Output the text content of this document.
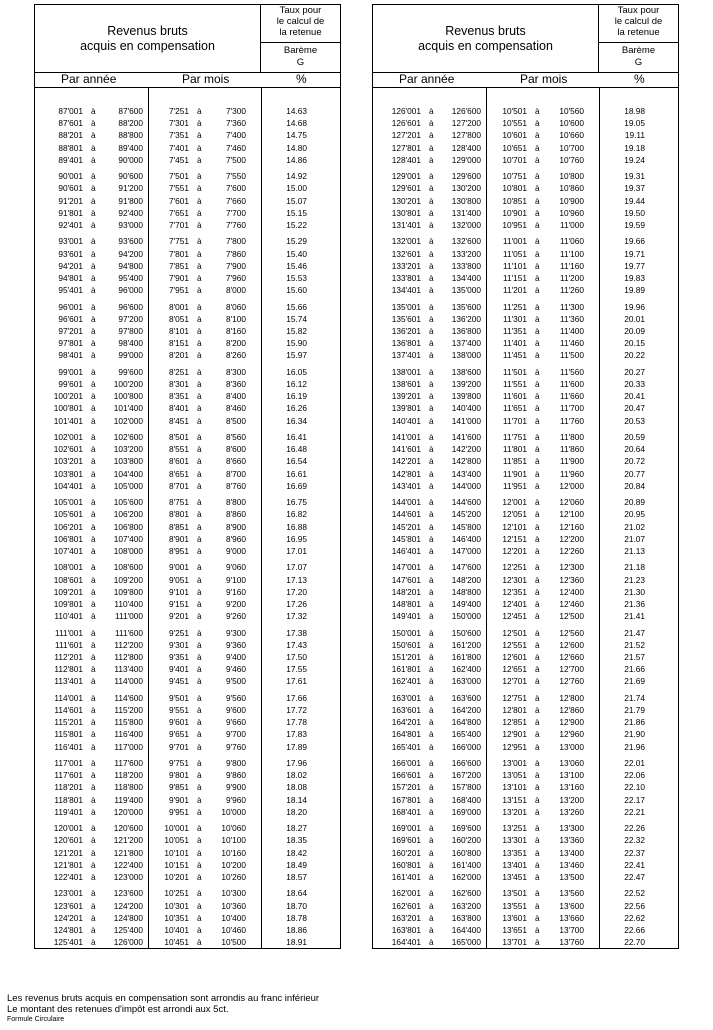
Revenus bruts
acquis en compensation
Taux pour
le calcul de
la retenue
Barème
G
Par année	Par mois	%
87'001 à	87'600	7'251 à	7'300	14.63
87'601 à	88'200	7'301 à	7'360	14.68
88'201 à	88'800	7'351 à	7'400	14.75
88'801 à	89'400	7'401 à	7'460	14.80
89'401 à	90'000	7'451 à	7'500	14.86
90'001 à	90'600	7'501 à	7'550	14.92
90'601 à	91'200	7'551 à	7'600	15.00
91'201 à	91'800	7'601 à	7'660	15.07
91'801 à	92'400	7'651 à	7'700	15.15
92'401 à	93'000	7'701 à	7'760	15.22
93'001 à	93'600	7'751 à	7'800	15.29
93'601 à	94'200	7'801 à	7'860	15.40
94'201 à	94'800	7'851 à	7'900	15.46
94'801 à	95'400	7'901 à	7'960	15.53
95'401 à	96'000	7'951 à	8'000	15.60
96'001 à	96'600	8'001 à	8'060	15.66
96'601 à	97'200	8'051 à	8'100	15.74
97'201 à	97'800	8'101 à	8'160	15.82
97'801 à	98'400	8'151 à	8'200	15.90
98'401 à	99'000	8'201 à	8'260	15.97
99'001 à	99'600	8'251 à	8'300	16.05
99'601 à	100'200	8'301 à	8'360	16.12
100'201 à	100'800	8'351 à	8'400	16.19
100'801 à	101'400	8'401 à	8'460	16.26
101'401 à	102'000	8'451 à	8'500	16.34
102'001 à	102'600	8'501 à	8'560	16.41
102'601 à	103'200	8'551 à	8'600	16.48
103'201 à	103'800	8'601 à	8'660	16.54
103'801 à	104'400	8'651 à	8'700	16.61
104'401 à	105'000	8'701 à	8'760	16.69
105'001 à	105'600	8'751 à	8'800	16.75
105'601 à	106'200	8'801 à	8'860	16.82
106'201 à	106'800	8'851 à	8'900	16.88
106'801 à	107'400	8'901 à	8'960	16.95
107'401 à	108'000	8'951 à	9'000	17.01
108'001 à	108'600	9'001 à	9'060	17.07
108'601 à	109'200	9'051 à	9'100	17.13
109'201 à	109'800	9'101 à	9'160	17.20
109'801 à	110'400	9'151 à	9'200	17.26
110'401 à	111'000	9'201 à	9'260	17.32
111'001 à	111'600	9'251 à	9'300	17.38
111'601 à	112'200	9'301 à	9'360	17.43
112'201 à	112'800	9'351 à	9'400	17.50
112'801 à	113'400	9'401 à	9'460	17.55
113'401 à	114'000	9'451 à	9'500	17.61
114'001 à	114'600	9'501 à	9'560	17.66
114'601 à	115'200	9'551 à	9'600	17.72
115'201 à	115'800	9'601 à	9'660	17.78
115'801 à	116'400	9'651 à	9'700	17.83
116'401 à	117'000	9'701 à	9'760	17.89
117'001 à	117'600	9'751 à	9'800	17.96
117'601 à	118'200	9'801 à	9'860	18.02
118'201 à	118'800	9'851 à	9'900	18.08
118'801 à	119'400	9'901 à	9'960	18.14
119'401 à	120'000	9'951 à	10'000	18.20
120'001 à	120'600	10'001 à	10'060	18.27
120'601 à	121'200	10'051 à	10'100	18.35
121'201 à	121'800	10'101 à	10'160	18.42
121'801 à	122'400	10'151 à	10'200	18.49
122'401 à	123'000	10'201 à	10'260	18.57
123'001 à	123'600	10'251 à	10'300	18.64
123'601 à	124'200	10'301 à	10'360	18.70
124'201 à	124'800	10'351 à	10'400	18.78
124'801 à	125'400	10'401 à	10'460	18.86
125'401 à	126'000	10'451 à	10'500	18.91
Revenus bruts
acquis en compensation
Taux pour
le calcul de
la retenue
Barème
G
Par année	Par mois	%
126'001 à	126'600	10'501 à	10'560	18.98
126'601 à	127'200	10'551 à	10'600	19.05
127'201 à	127'800	10'601 à	10'660	19.11
127'801 à	128'400	10'651 à	10'700	19.18
128'401 à	129'000	10'701 à	10'760	19.24
129'001 à	129'600	10'751 à	10'800	19.31
129'601 à	130'200	10'801 à	10'860	19.37
130'201 à	130'800	10'851 à	10'900	19.44
130'801 à	131'400	10'901 à	10'960	19.50
131'401 à	132'000	10'951 à	11'000	19.59
132'001 à	132'600	11'001 à	11'060	19.66
132'601 à	133'200	11'051 à	11'100	19.71
133'201 à	133'800	11'101 à	11'160	19.77
133'801 à	134'400	11'151 à	11'200	19.83
134'401 à	135'000	11'201 à	11'260	19.89
135'001 à	135'600	11'251 à	11'300	19.96
135'601 à	136'200	11'301 à	11'360	20.01
136'201 à	136'800	11'351 à	11'400	20.09
136'801 à	137'400	11'401 à	11'460	20.15
137'401 à	138'000	11'451 à	11'500	20.22
138'001 à	138'600	11'501 à	11'560	20.27
138'601 à	139'200	11'551 à	11'600	20.33
139'201 à	139'800	11'601 à	11'660	20.41
139'801 à	140'400	11'651 à	11'700	20.47
140'401 à	141'000	11'701 à	11'760	20.53
141'001 à	141'600	11'751 à	11'800	20.59
141'601 à	142'200	11'801 à	11'860	20.64
142'201 à	142'800	11'851 à	11'900	20.72
142'801 à	143'400	11'901 à	11'960	20.77
143'401 à	144'000	11'951 à	12'000	20.84
144'001 à	144'600	12'001 à	12'060	20.89
144'601 à	145'200	12'051 à	12'100	20.95
145'201 à	145'800	12'101 à	12'160	21.02
145'801 à	146'400	12'151 à	12'200	21.07
146'401 à	147'000	12'201 à	12'260	21.13
147'001 à	147'600	12'251 à	12'300	21.18
147'601 à	148'200	12'301 à	12'360	21.23
148'201 à	148'800	12'351 à	12'400	21.30
148'801 à	149'400	12'401 à	12'460	21.36
149'401 à	150'000	12'451 à	12'500	21.41
150'001 à	150'600	12'501 à	12'560	21.47
150'601 à	161'200	12'551 à	12'600	21.52
151'201 à	161'800	12'601 à	12'660	21.57
161'801 à	162'400	12'651 à	12'700	21.66
162'401 à	163'000	12'701 à	12'760	21.69
163'001 à	163'600	12'751 à	12'800	21.74
163'601 à	164'200	12'801 à	12'860	21.79
164'201 à	164'800	12'851 à	12'900	21.86
164'801 à	165'400	12'901 à	12'960	21.90
165'401 à	166'000	12'951 à	13'000	21.96
166'001 à	166'600	13'001 à	13'060	22.01
166'601 à	167'200	13'051 à	13'100	22.06
157'201 à	157'800	13'101 à	13'160	22.10
167'801 à	168'400	13'151 à	13'200	22.17
168'401 à	169'000	13'201 à	13'260	22.21
169'001 à	169'600	13'251 à	13'300	22.26
169'601 à	160'200	13'301 à	13'360	22.32
160'201 à	160'800	13'351 à	13'400	22.37
160'801 à	161'400	13'401 à	13'460	22.41
161'401 à	162'000	13'451 à	13'500	22.47
162'001 à	162'600	13'501 à	13'560	22.52
162'601 à	163'200	13'551 à	13'600	22.56
163'201 à	163'800	13'601 à	13'660	22.62
163'801 à	164'400	13'651 à	13'700	22.66
164'401 à	165'000	13'701 à	13'760	22.70
Les revenus bruts acquis en compensation sont arrondis au franc inférieur
Le montant des retenues d'impôt est arrondi aux 5ct.
Formule Circulaire
